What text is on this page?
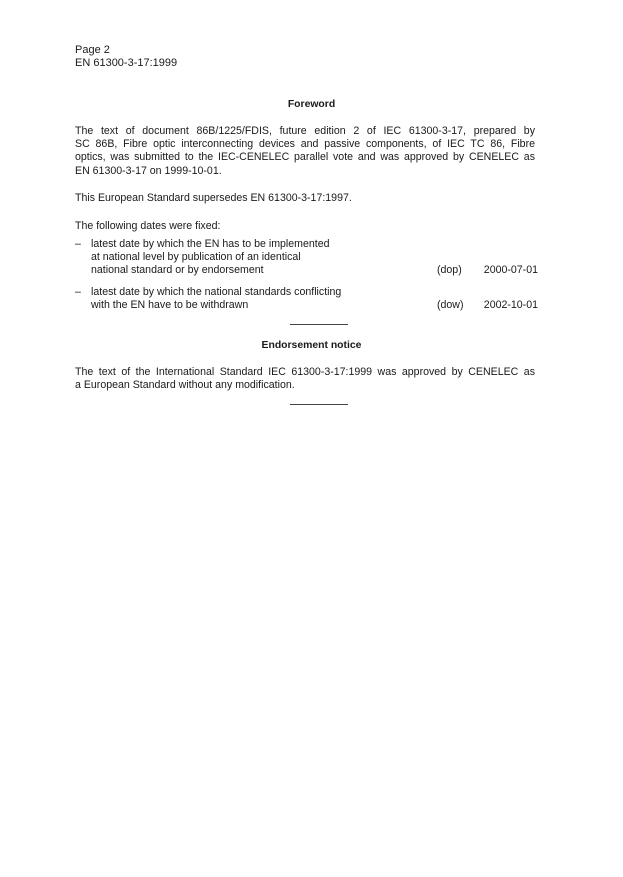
Page 2
EN 61300-3-17:1999
Foreword
The text of document 86B/1225/FDIS, future edition 2 of IEC 61300-3-17, prepared by
SC 86B, Fibre optic interconnecting devices and passive components, of IEC TC 86, Fibre
optics, was submitted to the IEC-CENELEC parallel vote and was approved by CENELEC as
EN 61300-3-17 on 1999-10-01.
This European Standard supersedes EN 61300-3-17:1997.
The following dates were fixed:
– latest date by which the EN has to be implemented
at national level by publication of an identical
national standard or by endorsement	(dop) 2000-07-01
– latest date by which the national standards conflicting
with the EN have to be withdrawn	(dow) 2002-10-01
Endorsement notice
The text of the International Standard IEC 61300-3-17:1999 was approved by CENELEC as
a European Standard without any modification.
